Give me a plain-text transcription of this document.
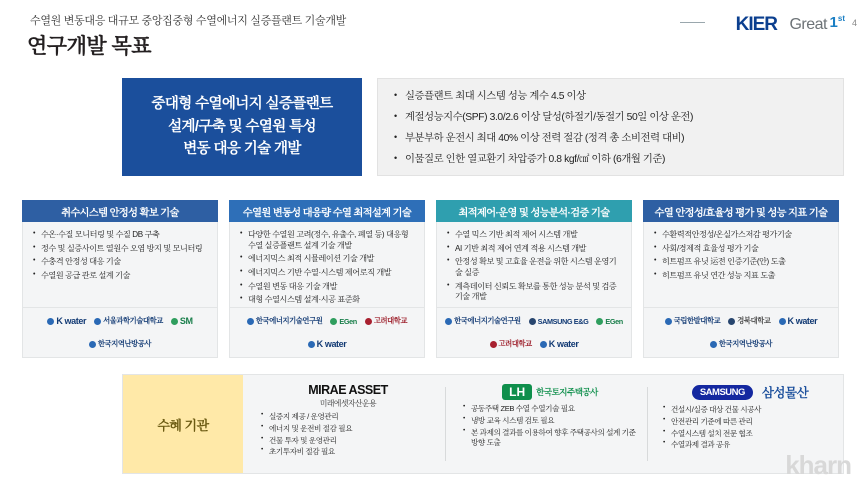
수열원 변동대응 대규모 중앙집중형 수열에너지 실증플랜트 기술개발
연구개발 목표
KIER Great 1st 4
중대형 수열에너지 실증플랜트
설계/구축 및 수열원 특성
변동 대응 기술 개발
• 실증플랜트 최대 시스템 성능 계수 4.5 이상
• 계절성능지수(SPF) 3.0/2.6 이상 달성(하절기/동절기 50일 이상 운전)
• 부분부하 운전시 최대 40% 이상 전력 절감 (정격 총 소비전력 대비)
• 이물질로 인한 열교환기 차압증가 0.8 kgf/㎠ 이하 (6개월 기준)
취수시스템 안정성 확보 기술
• 수온·수질 모니터링 및 수질 DB 구축
• 정수 및 실증사이트 열원수 오염 방지 및 모니터링
• 수충격 안정성 대응 기술
• 수열원 공급 관로 설계 기술
K water 서울과학기술대학교 SM
한국지역난방공사
수열원 변동성 대응량 수열 최적설계 기술
• 다양한 수열원 고려(정수, 유출수, 폐열 등) 대응형 수열 실증플랜트 설계 기술 개발
• 에너지믹스 최적 시뮬레이션 기술 개발
• 에너지믹스 기반 수열·시스템 제어로직 개발
• 수열원 변동 대응 기술 개발
• 대형 수열시스템 설계·시공 표준화
한국에너지기술연구원 EGen 고려대학교
K water
최적제어·운영 및 성능분석·검증 기술
• 수열 믹스 기반 최적 제어 시스템 개발
• AI 기반 최적 제어 연계 적용 시스템 개발
• 안정성 확보 및 고효율 운전을 위한 시스템 운영기술 실증
• 계측데이터 신뢰도 확보를 통한 성능 분석 및 검증 기술 개발
한국에너지기술연구원 SAMSUNG E&G EGen
고려대학교 K water
수열 안정성/효율성 평가 및 성능 지표 기술
• 수환력적안정성/온실가스저감 평가기술
• 사회/경제적 효율성 평가 기술
• 히트펌프 유닛 运전 인증기준(안) 도출
• 히트펌프 유닛 연간 성능 지표 도출
국립한발대학교 경북대학교 K water
한국지역난방공사
수혜 기관
MIRAE ASSET
미래에셋자산운용
• 실증지 제공 / 운영관리
• 에너지 및 운전비 절감 필요
• 건물 투자 및 운영관리
• 초기투자비 절감 필요
LH 한국토지주택공사
• 공동주택 ZEB 수열 수열기술 필요
• 냉방 교육 시스템 검토 필요
• 본 과제의 결과를 이용하여 향후 주택공사의 설계 기준 방향 도출
SAMSUNG 삼성물산
• 건설시/실증 대상 건물 시공사
• 안전관리 기준에 따른 관리
• 수열시스템 설치 전문 협조
• 수열과제 결과 공유
kharn
